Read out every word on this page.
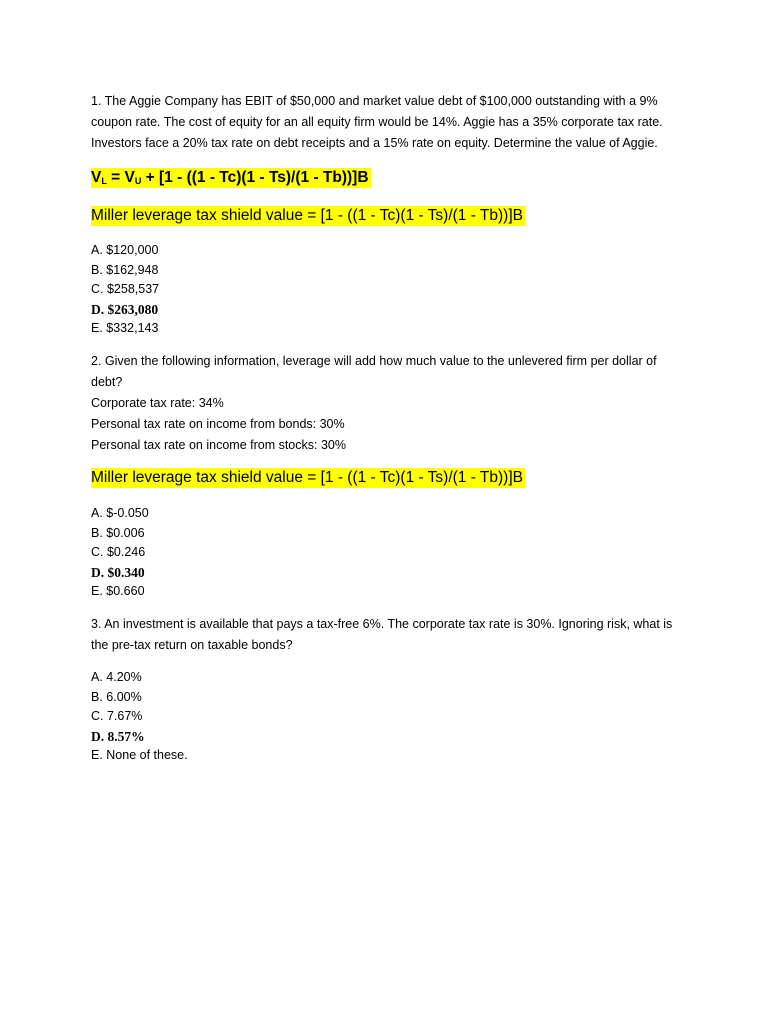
1. The Aggie Company has EBIT of $50,000 and market value debt of $100,000 outstanding with a 9%
coupon rate. The cost of equity for an all equity firm would be 14%. Aggie has a 35% corporate tax rate.
Investors face a 20% tax rate on debt receipts and a 15% rate on equity. Determine the value of Aggie.

$V_L = V_U + [1 - ((1 - Tc)(1 - Ts)/(1 - Tb))]B$
Miller leverage tax shield value = [1 - ((1 - Tc)(1 - Ts)/(1 - Tb))]B
A. $120,000
B. $162,948
C. $258,537
D. $263,080
E. $332,143

2. Given the following information, leverage will add how much value to the unlevered firm per dollar of
debt?
Corporate tax rate: 34%
Personal tax rate on income from bonds: 30%
Personal tax rate on income from stocks: 30%

Miller leverage tax shield value = [1 - ((1 - Tc)(1 - Ts)/(1 - Tb))]B
A. $-0.050
B. $0.006
C. $0.246
D. $0.340
E. $0.660

3. An investment is available that pays a tax-free 6%. The corporate tax rate is 30%. Ignoring risk, what is
the pre-tax return on taxable bonds?

A. 4.20%
B. 6.00%
C. 7.67%
D. 8.57%
E. None of these.
